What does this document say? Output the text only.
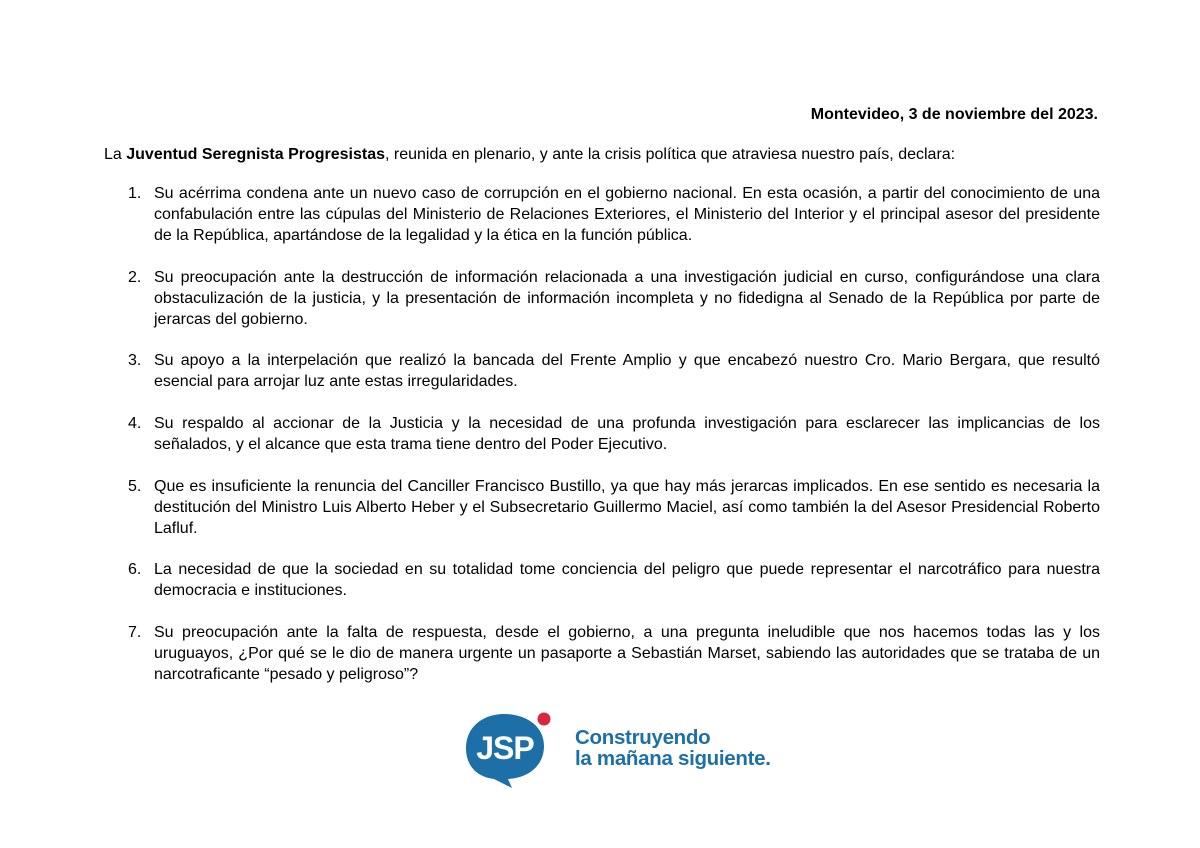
Montevideo, 3 de noviembre del 2023.
La Juventud Seregnista Progresistas, reunida en plenario, y ante la crisis política que atraviesa nuestro país, declara:
1. Su acérrima condena ante un nuevo caso de corrupción en el gobierno nacional. En esta ocasión, a partir del conocimiento de una confabulación entre las cúpulas del Ministerio de Relaciones Exteriores, el Ministerio del Interior y el principal asesor del presidente de la República, apartándose de la legalidad y la ética en la función pública.
2. Su preocupación ante la destrucción de información relacionada a una investigación judicial en curso, configurándose una clara obstaculización de la justicia, y la presentación de información incompleta y no fidedigna al Senado de la República por parte de jerarcas del gobierno.
3. Su apoyo a la interpelación que realizó la bancada del Frente Amplio y que encabezó nuestro Cro. Mario Bergara, que resultó esencial para arrojar luz ante estas irregularidades.
4. Su respaldo al accionar de la Justicia y la necesidad de una profunda investigación para esclarecer las implicancias de los señalados, y el alcance que esta trama tiene dentro del Poder Ejecutivo.
5. Que es insuficiente la renuncia del Canciller Francisco Bustillo, ya que hay más jerarcas implicados. En ese sentido es necesaria la destitución del Ministro Luis Alberto Heber y el Subsecretario Guillermo Maciel, así como también la del Asesor Presidencial Roberto Lafluf.
6. La necesidad de que la sociedad en su totalidad tome conciencia del peligro que puede representar el narcotráfico para nuestra democracia e instituciones.
7. Su preocupación ante la falta de respuesta, desde el gobierno, a una pregunta ineludible que nos hacemos todas las y los uruguayos, ¿Por qué se le dio de manera urgente un pasaporte a Sebastián Marset, sabiendo las autoridades que se trataba de un narcotraficante “pesado y peligroso”?
JSP Construyendo
la mañana siguiente.
